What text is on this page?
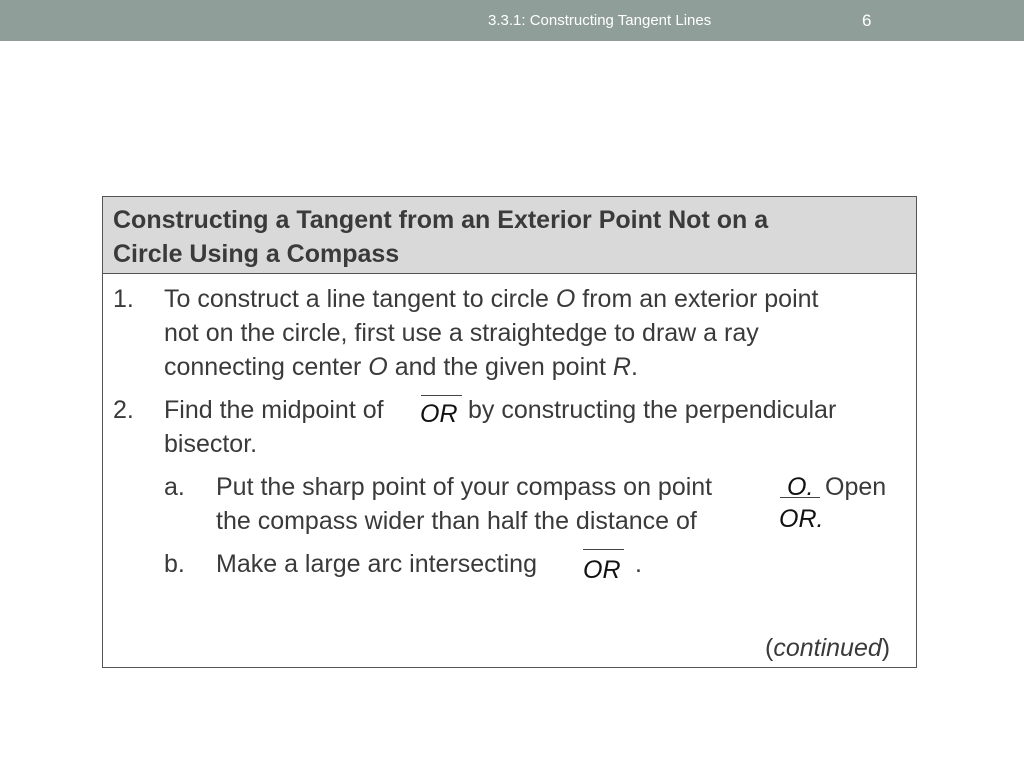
3.3.1: Constructing Tangent Lines	6
Constructing a Tangent from an Exterior Point Not on a
Circle Using a Compass
1. To construct a line tangent to circle O from an exterior point
not on the circle, first use a straightedge to draw a ray
connecting center O and the given point R.
2. Find the midpoint of OR by constructing the perpendicular
bisector.
a. Put the sharp point of your compass on point	O. Open
the compass wider than half the distance of	OR.
b. Make a large arc intersecting OR .
(continued)
